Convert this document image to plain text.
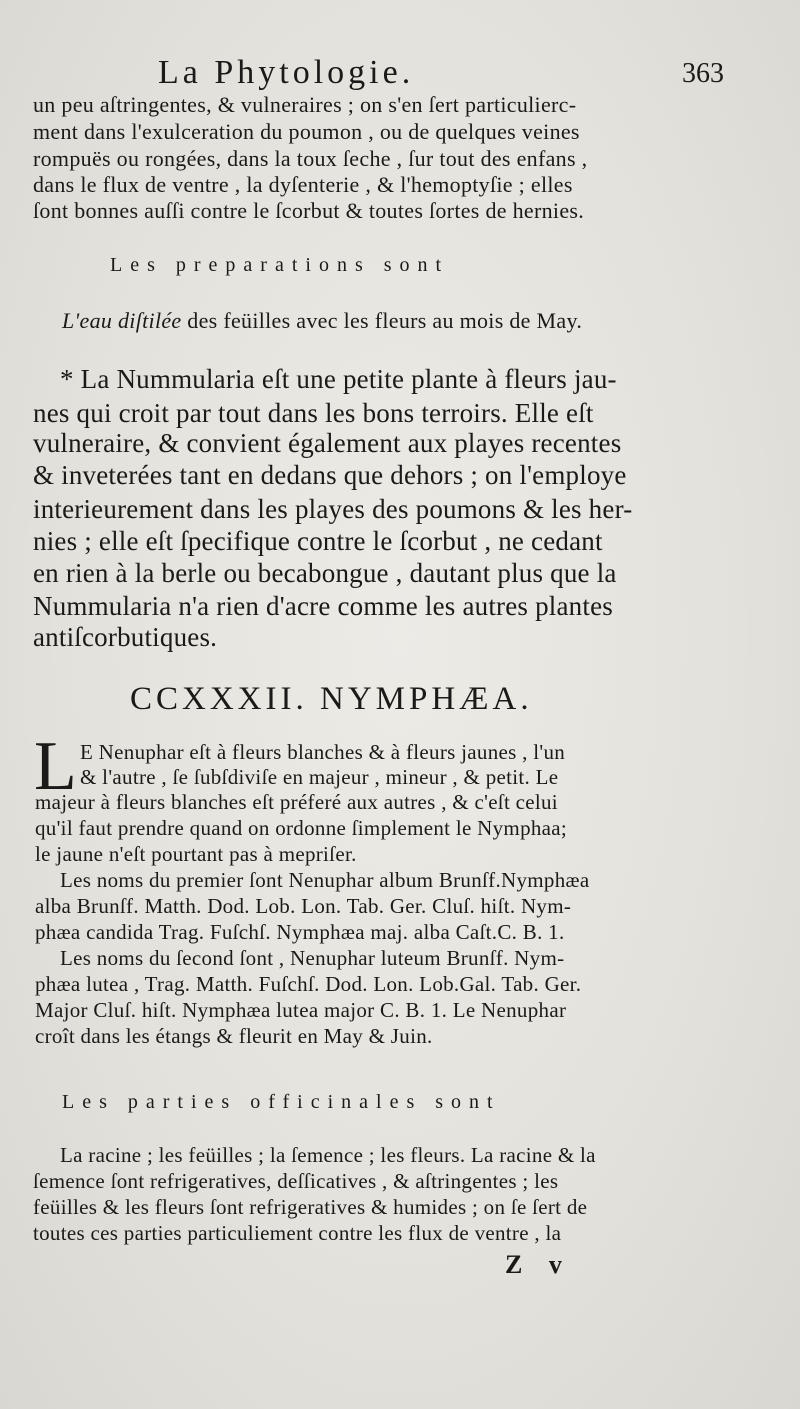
La Phytologie.	363
un peu aſtringentes, & vulneraires ; on s'en ſert particulierc-
ment dans l'exulceration du poumon , ou de quelques veines
rompuës ou rongées, dans la toux ſeche , ſur tout des enfans ,
dans le flux de ventre , la dyſenterie , & l'hemoptyſie ; elles
ſont bonnes auſſi contre le ſcorbut & toutes ſortes de hernies.
Les preparations sont
L'eau diſtilée des feüilles avec les fleurs au mois de May.
* La Nummularia eſt une petite plante à fleurs jau-
nes qui croit par tout dans les bons terroirs. Elle eſt
vulneraire, & convient également aux playes recentes
& inveterées tant en dedans que dehors ; on l'employe
interieurement dans les playes des poumons & les her-
nies ; elle eſt ſpecifique contre le ſcorbut , ne cedant
en rien à la berle ou becabongue , dautant plus que la
Nummularia n'a rien d'acre comme les autres plantes
antiſcorbutiques.
CCXXXII. NYMPHÆA.
L E Nenuphar eſt à fleurs blanches & à fleurs jaunes , l'un
& l'autre , ſe ſubſdiviſe en majeur , mineur , & petit. Le
majeur à fleurs blanches eſt préferé aux autres , & c'eſt celui
qu'il faut prendre quand on ordonne ſimplement le Nymphaa;
le jaune n'eſt pourtant pas à mepriſer.
Les noms du premier ſont Nenuphar album Brunſf.Nymphæa
alba Brunſf. Matth. Dod. Lob. Lon. Tab. Ger. Cluſ. hiſt. Nym-
phæa candida Trag. Fuſchſ. Nymphæa maj. alba Caſt.C. B. 1.
Les noms du ſecond ſont , Nenuphar luteum Brunſf. Nym-
phæa lutea , Trag. Matth. Fuſchſ. Dod. Lon. Lob.Gal. Tab. Ger.
Major Cluſ. hiſt. Nymphæa lutea major C. B. 1. Le Nenuphar
croît dans les étangs & fleurit en May & Juin.
Les parties officinales sont
La racine ; les feüilles ; la ſemence ; les fleurs. La racine & la
ſemence ſont refrigeratives, deſſicatives , & aſtringentes ; les
feüilles & les fleurs ſont refrigeratives & humides ; on ſe ſert de
toutes ces parties particuliement contre les flux de ventre , la
Z v
